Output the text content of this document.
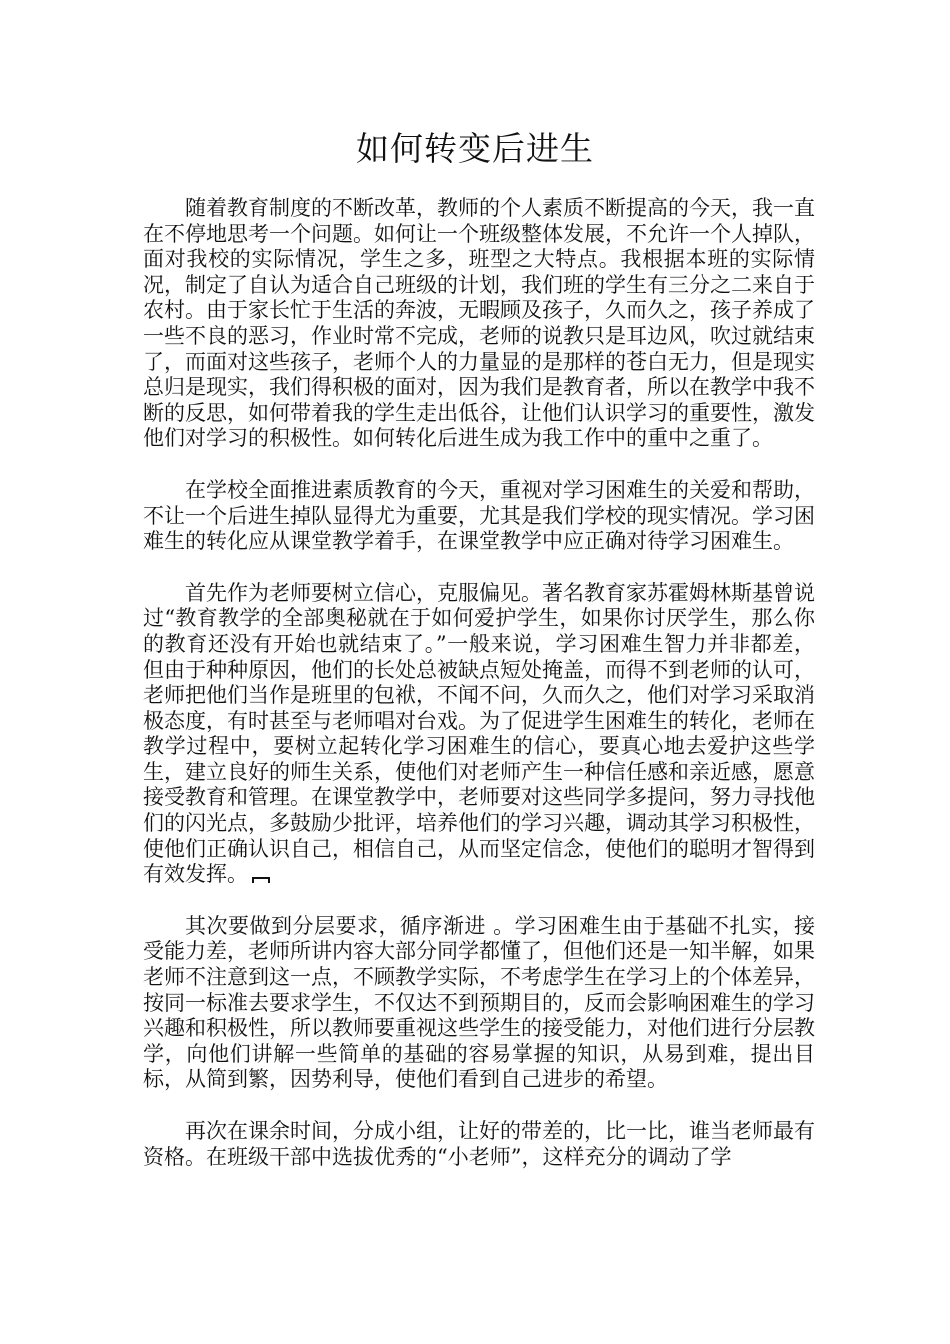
如何转变后进生

随着教育制度的不断改革，教师的个人素质不断提高的今天，我一直在不停地思考一个问题。如何让一个班级整体发展，不允许一个人掉队，面对我校的实际情况，学生之多，班型之大特点。我根据本班的实际情况，制定了自认为适合自己班级的计划，我们班的学生有三分之二来自于农村。由于家长忙于生活的奔波，无暇顾及孩子，久而久之，孩子养成了一些不良的恶习，作业时常不完成，老师的说教只是耳边风，吹过就结束了，而面对这些孩子，老师个人的力量显的是那样的苍白无力，但是现实总归是现实，我们得积极的面对，因为我们是教育者，所以在教学中我不断的反思，如何带着我的学生走出低谷，让他们认识学习的重要性，激发他们对学习的积极性。如何转化后进生成为我工作中的重中之重了。

在学校全面推进素质教育的今天，重视对学习困难生的关爱和帮助，不让一个后进生掉队显得尤为重要，尤其是我们学校的现实情况。学习困难生的转化应从课堂教学着手，在课堂教学中应正确对待学习困难生。

首先作为老师要树立信心，克服偏见。著名教育家苏霍姆林斯基曾说过“教育教学的全部奥秘就在于如何爱护学生，如果你讨厌学生，那么你的教育还没有开始也就结束了。”一般来说，学习困难生智力并非都差，但由于种种原因，他们的长处总被缺点短处掩盖，而得不到老师的认可，老师把他们当作是班里的包袱，不闻不问，久而久之，他们对学习采取消极态度，有时甚至与老师唱对台戏。为了促进学生困难生的转化，老师在教学过程中，要树立起转化学习困难生的信心，要真心地去爱护这些学生，建立良好的师生关系，使他们对老师产生一种信任感和亲近感，愿意接受教育和管理。在课堂教学中，老师要对这些同学多提问，努力寻找他们的闪光点，多鼓励少批评，培养他们的学习兴趣，调动其学习积极性，使他们正确认识自己，相信自己，从而坚定信念，使他们的聪明才智得到有效发挥。

其次要做到分层要求，循序渐进 。学习困难生由于基础不扎实，接受能力差，老师所讲内容大部分同学都懂了，但他们还是一知半解，如果老师不注意到这一点，不顾教学实际，不考虑学生在学习上的个体差异，按同一标准去要求学生，不仅达不到预期目的，反而会影响困难生的学习兴趣和积极性，所以教师要重视这些学生的接受能力，对他们进行分层教学，向他们讲解一些简单的基础的容易掌握的知识，从易到难，提出目标，从简到繁，因势利导，使他们看到自己进步的希望。

再次在课余时间，分成小组，让好的带差的，比一比，谁当老师最有资格。在班级干部中选拔优秀的“小老师”，这样充分的调动了学
